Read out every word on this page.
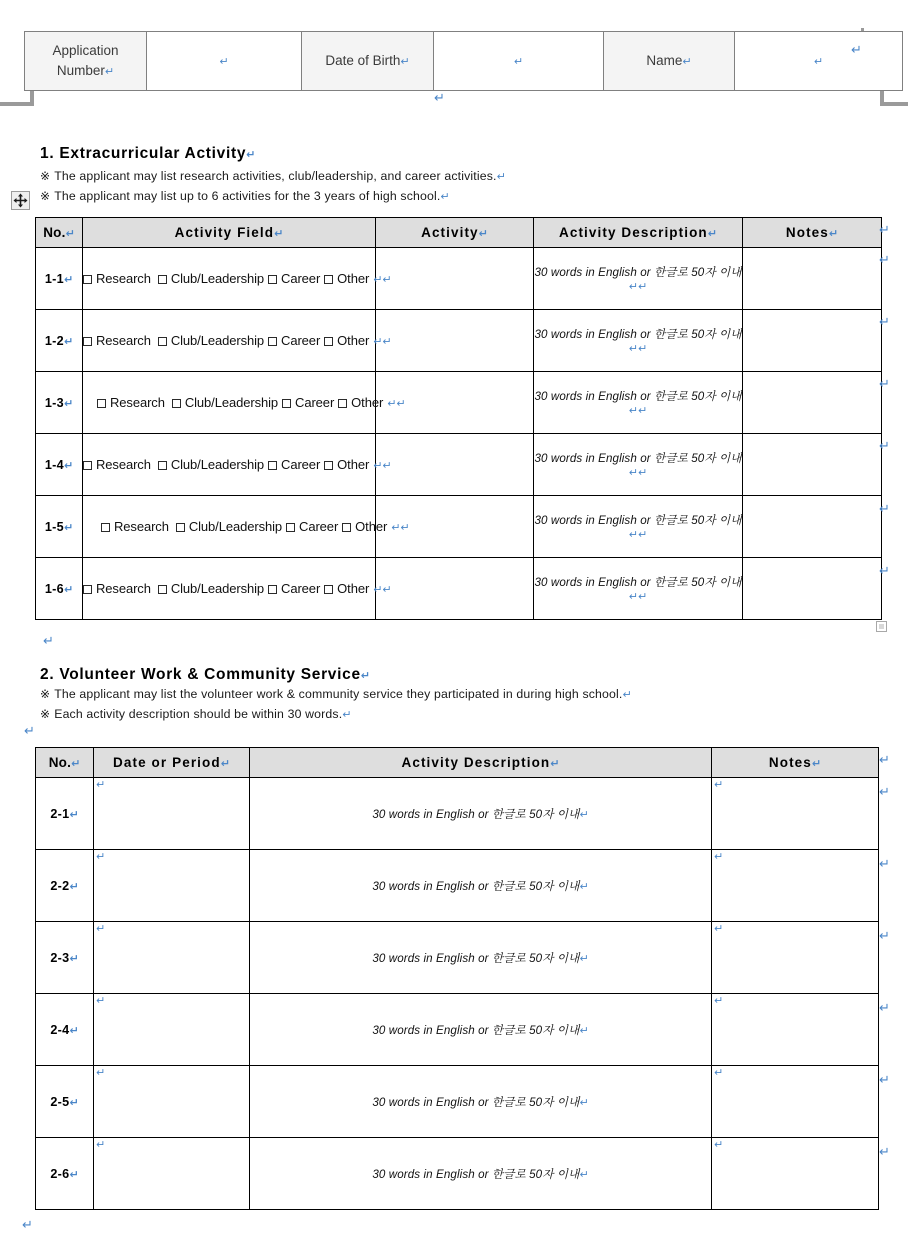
Application Number↵	↵	Date of Birth↵	↵	Name↵	↵
↵
↵
1. Extracurricular Activity↵
※ The applicant may list research activities, club/leadership, and career activities.↵
※ The applicant may list up to 6 activities for the 3 years of high school.↵
No.↵	Activity Field↵	Activity↵	Activity Description↵	Notes↵
1-1↵	Research Club/Leadership Career Other ↵↵		30 words in English or 한글로 50자 이내↵↵	
1-2↵	Research Club/Leadership Career Other ↵↵		30 words in English or 한글로 50자 이내↵↵	
1-3↵	Research Club/Leadership Career Other ↵↵		30 words in English or 한글로 50자 이내↵↵	
1-4↵	Research Club/Leadership Career Other ↵↵		30 words in English or 한글로 50자 이내↵↵	
1-5↵	Research Club/Leadership Career Other ↵↵		30 words in English or 한글로 50자 이내↵↵	
1-6↵	Research Club/Leadership Career Other ↵↵		30 words in English or 한글로 50자 이내↵↵	
↵
↵
↵
↵
↵
↵
↵
↵
2. Volunteer Work & Community Service↵
※ The applicant may list the volunteer work & community service they participated in during high school.↵
※ Each activity description should be within 30 words.↵
↵
No.↵	Date or Period↵	Activity Description↵	Notes↵
2-1↵	↵	30 words in English or 한글로 50자 이내↵	↵

2-2↵	↵	30 words in English or 한글로 50자 이내↵	↵

2-3↵	↵	30 words in English or 한글로 50자 이내↵	↵

2-4↵	↵	30 words in English or 한글로 50자 이내↵	↵

2-5↵	↵	30 words in English or 한글로 50자 이내↵	↵

2-6↵	↵	30 words in English or 한글로 50자 이내↵	↵
↵
↵
↵
↵
↵
↵
↵
↵
